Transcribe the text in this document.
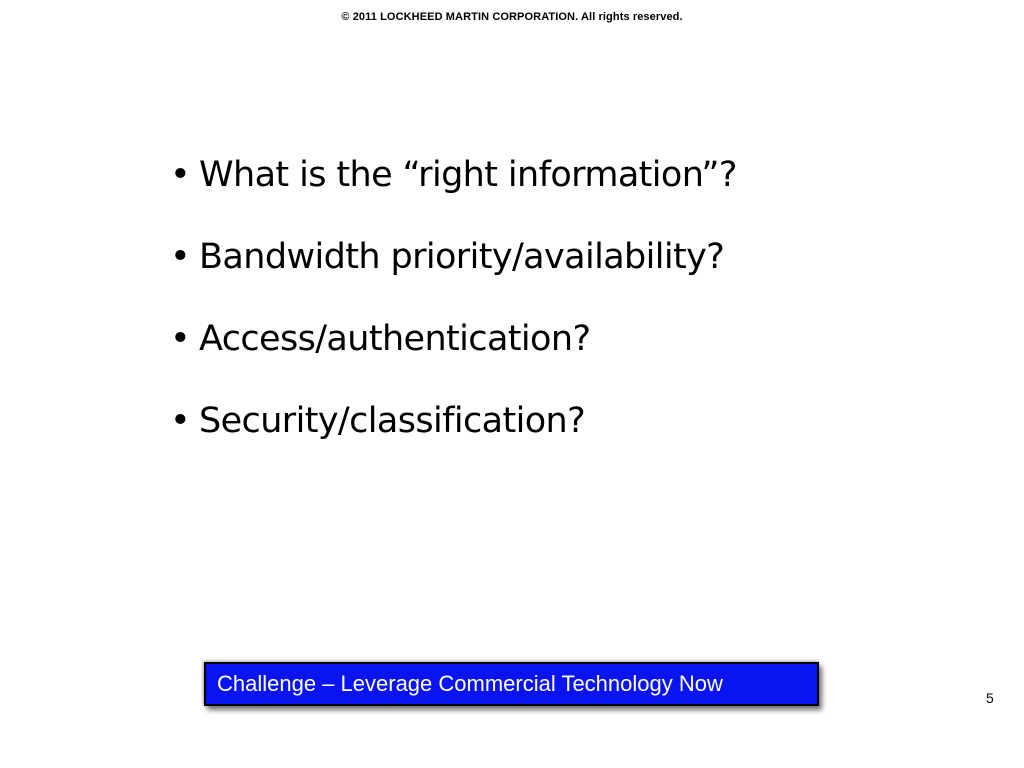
© 2011 LOCKHEED MARTIN CORPORATION. All rights reserved.
• What is the “right information”?
• Bandwidth priority/availability?
• Access/authentication?
• Security/classification?
Challenge – Leverage Commercial Technology Now
5
